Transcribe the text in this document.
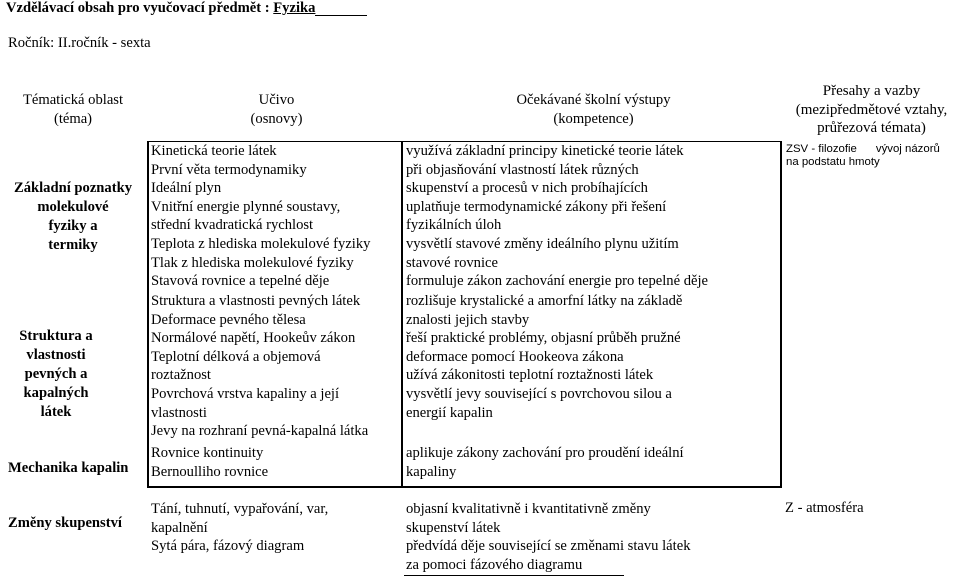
Vzdělávací obsah pro vyučovací předmět : Fyzika
Ročník: II.ročník - sexta
Tématická oblast
(téma)
Učivo
(osnovy)
Očekávané školní výstupy
(kompetence)
Přesahy a vazby
(mezipředmětové vztahy,
průřezová témata)
Základní poznatky
molekulové
fyziky a
termiky
Kinetická teorie látek
První věta termodynamiky
Ideální plyn
Vnitřní energie plynné soustavy,
střední kvadratická rychlost
Teplota z hlediska molekulové fyziky
Tlak z hlediska molekulové fyziky
Stavová rovnice a tepelné děje
využívá základní principy kinetické teorie látek
při objasňování vlastností látek různých
skupenství a procesů v nich probíhajících
uplatňuje termodynamické zákony při řešení
fyzikálních úloh
vysvětlí stavové změny ideálního plynu užitím
stavové rovnice
formuluje zákon zachování energie pro tepelné děje
ZSV - filozofie      vývoj názorů
na podstatu hmoty
Struktura a
vlastnosti
pevných a
kapalných
látek
Struktura a vlastnosti pevných látek
Deformace pevného tělesa
Normálové napětí, Hookeův zákon
Teplotní délková a objemová
roztažnost
Povrchová vrstva kapaliny a její
vlastnosti
Jevy na rozhraní pevná-kapalná látka
rozlišuje krystalické a amorfní látky na základě
znalosti jejich stavby
řeší praktické problémy, objasní průběh pružné
deformace pomocí Hookeova zákona
užívá zákonitosti teplotní roztažnosti látek
vysvětlí jevy související s povrchovou silou a
energií kapalin
Mechanika kapalin
Rovnice kontinuity
Bernoulliho rovnice
aplikuje zákony zachování pro proudění ideální
kapaliny
Změny skupenství
Tání, tuhnutí, vypařování, var,
kapalnění
Sytá pára, fázový diagram
objasní kvalitativně i kvantitativně změny
skupenství látek
předvídá děje související se změnami stavu látek
za pomoci fázového diagramu
Z - atmosféra
